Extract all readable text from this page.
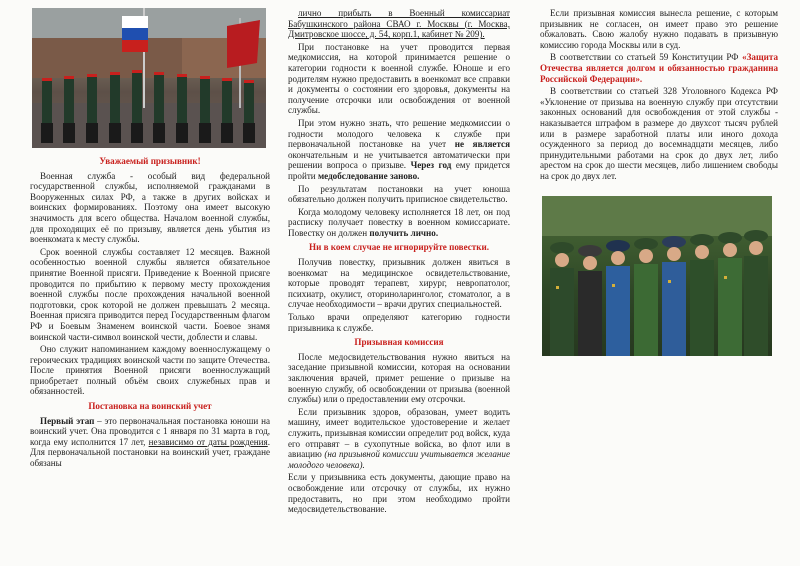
Уважаемый призывник!

Военная служба - особый вид федеральной государственной службы, исполняемой гражданами в Вооруженных силах РФ, а также в других войсках и воинских формированиях. Поэтому она имеет высокую значимость для всего общества. Началом военной службы, для проходящих её по призыву, является день убытия из военкомата к месту службы.

Срок военной службы составляет 12 месяцев. Важной особенностью военной службы является обязательное принятие Военной присяги. Приведение к Военной присяге проводится по прибытию к первому месту прохождения военной службы после прохождения начальной военной подготовки, срок которой не должен превышать 2 месяца. Военная присяга приводится перед Государственным флагом РФ и Боевым Знаменем воинской части. Боевое знамя воинской части-символ воинской чести, доблести и славы.

Оно служит напоминанием каждому военнослужащему о героических традициях воинской части по защите Отечества. После принятия Военной присяги военнослужащий приобретает полный объём своих служебных прав и обязанностей.

Постановка на воинский учет

Первый этап – это первоначальная постановка юноши на воинский учет. Она проводится с 1 января по 31 марта в год, когда ему исполнится 17 лет, независимо от даты рождения. Для первоначальной постановки на воинский учет, граждане обязаны

лично прибыть в Военный комиссариат Бабушкинского района СВАО г. Москвы (г. Москва, Дмитровское шоссе, д. 54, корп.1, кабинет № 209).

При постановке на учет проводится первая медкомиссия, на которой принимается решение о категории годности к военной службе. Юноше и его родителям нужно предоставить в военкомат все справки и документы о состоянии его здоровья, документы на получение отсрочки или освобождения от военной службы.

При этом нужно знать, что решение медкомиссии о годности молодого человека к службе при первоначальной постановке на учет не является окончательным и не учитывается автоматически при решении вопроса о призыве. Через год ему придется пройти медобследование заново.

По результатам постановки на учет юноша обязательно должен получить приписное свидетельство.

Когда молодому человеку исполняется 18 лет, он под расписку получает повестку в военном комиссариате. Повестку он должен получить лично.

Ни в коем случае не игнорируйте повестки.

Получив повестку, призывник должен явиться в военкомат на медицинское освидетельствование, которые проводят терапевт, хирург, невропатолог, психиатр, окулист, оториноларинголог, стоматолог, а в случае необходимости – врачи других специальностей.

Только врачи определяют категорию годности призывника к службе.

Призывная комиссия

После медосвидетельствования нужно явиться на заседание призывной комиссии, которая на основании заключения врачей, примет решение о призыве на военную службу, об освобождении от призыва (военной службы) или о предоставлении ему отсрочки.

Если призывник здоров, образован, умеет водить машину, имеет водительское удостоверение и желает служить, призывная комиссии определит род войск, куда его отправят – в сухопутные войска, во флот или в авиацию (на призывной комиссии учитывается желание молодого человека).

Если у призывника есть документы, дающие право на освобождение или отсрочку от службы, их нужно предоставить, но при этом необходимо пройти медосвидетельствование.

Если призывная комиссия вынесла решение, с которым призывник не согласен, он имеет право это решение обжаловать. Свою жалобу нужно подавать в призывную комиссию города Москвы или в суд.

В соответствии со статьей 59 Конституции РФ «Защита Отечества является долгом и обязанностью гражданина Российской Федерации».

В соответствии со статьей 328 Уголовного Кодекса РФ «Уклонение от призыва на военную службу при отсутствии законных оснований для освобождения от этой службы - наказывается штрафом в размере до двухсот тысяч рублей или в размере заработной платы или иного дохода осужденного за период до восемнадцати месяцев, либо принудительными работами на срок до двух лет, либо арестом на срок до шести месяцев, либо лишением свободы на срок до двух лет.
